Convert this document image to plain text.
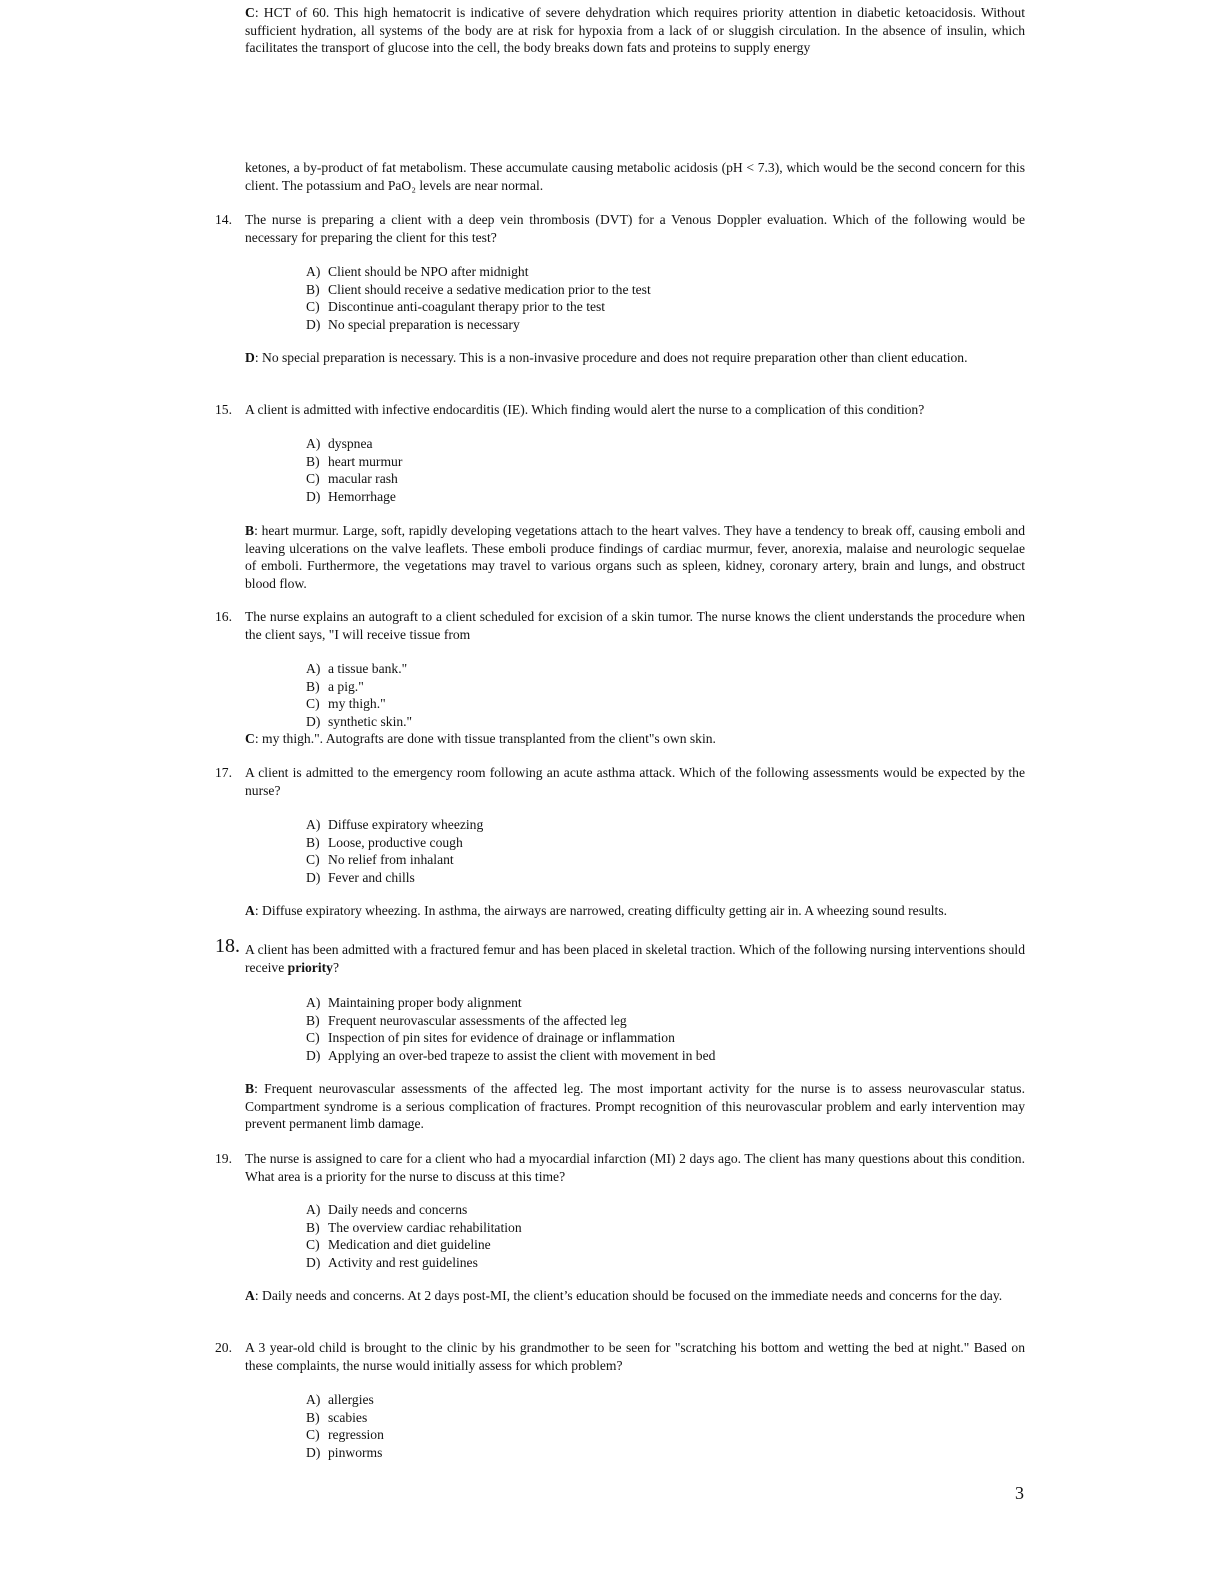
C: HCT of 60. This high hematocrit is indicative of severe dehydration which requires priority attention in diabetic ketoacidosis. Without sufficient hydration, all systems of the body are at risk for hypoxia from a lack of or sluggish circulation. In the absence of insulin, which facilitates the transport of glucose into the cell, the body breaks down fats and proteins to supply energy
ketones, a by-product of fat metabolism. These accumulate causing metabolic acidosis (pH < 7.3), which would be the second concern for this client. The potassium and PaO₂ levels are near normal.
14. The nurse is preparing a client with a deep vein thrombosis (DVT) for a Venous Doppler evaluation. Which of the following would be necessary for preparing the client for this test?
A) Client should be NPO after midnight
B) Client should receive a sedative medication prior to the test
C) Discontinue anti-coagulant therapy prior to the test
D) No special preparation is necessary
D: No special preparation is necessary. This is a non-invasive procedure and does not require preparation other than client education.
15. A client is admitted with infective endocarditis (IE). Which finding would alert the nurse to a complication of this condition?
A) dyspnea
B) heart murmur
C) macular rash
D) Hemorrhage
B: heart murmur. Large, soft, rapidly developing vegetations attach to the heart valves. They have a tendency to break off, causing emboli and leaving ulcerations on the valve leaflets. These emboli produce findings of cardiac murmur, fever, anorexia, malaise and neurologic sequelae of emboli. Furthermore, the vegetations may travel to various organs such as spleen, kidney, coronary artery, brain and lungs, and obstruct blood flow.
16. The nurse explains an autograft to a client scheduled for excision of a skin tumor. The nurse knows the client understands the procedure when the client says, "I will receive tissue from
A) a tissue bank."
B) a pig."
C) my thigh."
D) synthetic skin."
C: my thigh.". Autografts are done with tissue transplanted from the client"s own skin.
17. A client is admitted to the emergency room following an acute asthma attack. Which of the following assessments would be expected by the nurse?
A) Diffuse expiratory wheezing
B) Loose, productive cough
C) No relief from inhalant
D) Fever and chills
A: Diffuse expiratory wheezing. In asthma, the airways are narrowed, creating difficulty getting air in. A wheezing sound results.
18. A client has been admitted with a fractured femur and has been placed in skeletal traction. Which of the following nursing interventions should receive priority?
A) Maintaining proper body alignment
B) Frequent neurovascular assessments of the affected leg
C) Inspection of pin sites for evidence of drainage or inflammation
D) Applying an over-bed trapeze to assist the client with movement in bed
B: Frequent neurovascular assessments of the affected leg. The most important activity for the nurse is to assess neurovascular status. Compartment syndrome is a serious complication of fractures. Prompt recognition of this neurovascular problem and early intervention may prevent permanent limb damage.
19. The nurse is assigned to care for a client who had a myocardial infarction (MI) 2 days ago. The client has many questions about this condition. What area is a priority for the nurse to discuss at this time?
A) Daily needs and concerns
B) The overview cardiac rehabilitation
C) Medication and diet guideline
D) Activity and rest guidelines
A: Daily needs and concerns. At 2 days post-MI, the client’s education should be focused on the immediate needs and concerns for the day.
20. A 3 year-old child is brought to the clinic by his grandmother to be seen for "scratching his bottom and wetting the bed at night." Based on these complaints, the nurse would initially assess for which problem?
A) allergies
B) scabies
C) regression
D) pinworms
3
